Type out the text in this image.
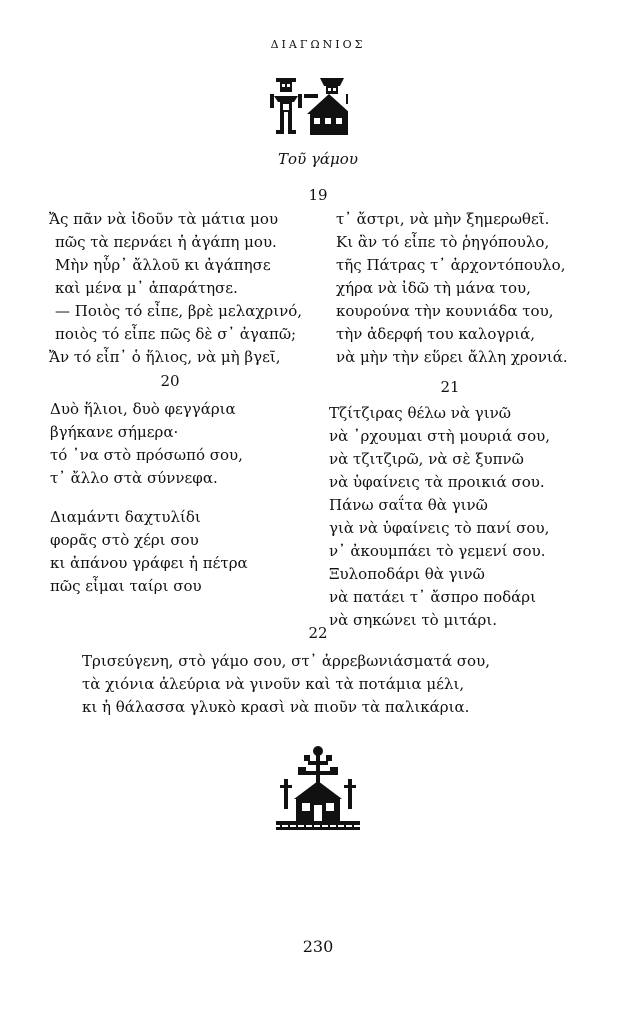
ΔΙΑΓΩΝΙΟΣ
Τοῦ γάμου
19
Ἄς πᾶν νὰ ἰδοῦν τὰ μάτια μου
πῶς τὰ περνάει ἡ ἀγάπη μου.
Μὴν ηὗρ᾽ ἄλλοῦ κι ἀγάπησε
καὶ μένα μ᾽ ἀπαράτησε.
— Ποιὸς τό εἶπε, βρὲ μελαχρινό,
ποιὸς τό εἶπε πῶς δὲ σ᾽ ἀγαπῶ;
Ἄν τό εἶπ᾽ ὁ ἥλιος, νὰ μὴ βγεῖ,
τ᾽ ἄστρι, νὰ μὴν ξημερωθεῖ.
Κι ἂν τό εἶπε τὸ ῥηγόπουλο,
τῆς Πάτρας τ᾽ ἀρχοντόπουλο,
χήρα νὰ ἰδῶ τὴ μάνα του,
κουρούνα τὴν κουνιάδα του,
τὴν ἀδερφή του καλογριά,
νὰ μὴν τὴν εὕρει ἄλλη χρονιά.
20
Δυὸ ἥλιοι, δυὸ φεγγάρια
βγήκανε σήμερα·
τό ᾽να στὸ πρόσωπό σου,
τ᾽ ἄλλο στὰ σύννεφα.
Διαμάντι δαχτυλίδι
φορᾶς στὸ χέρι σου
κι ἀπάνου γράφει ἡ πέτρα
πῶς εἶμαι ταίρι σου
21
Τζίτζιρας θέλω νὰ γινῶ
νὰ ᾽ρχουμαι στὴ μουριά σου,
νὰ τζιτζιρῶ, νὰ σὲ ξυπνῶ
νὰ ὑφαίνεις τὰ προικιά σου.
Πάνω σαΐτα θὰ γινῶ
γιὰ νὰ ὑφαίνεις τὸ πανί σου,
ν᾽ ἀκουμπάει τὸ γεμενί σου.
Ξυλοποδάρι θὰ γινῶ
νὰ πατάει τ᾽ ἄσπρο ποδάρι
νὰ σηκώνει τὸ μιτάρι.
22
Τρισεύγενη, στὸ γάμο σου, στ᾽ ἀρρεβωνιάσματά σου,
τὰ χιόνια ἀλεύρια νὰ γινοῦν καὶ τὰ ποτάμια μέλι,
κι ἡ θάλασσα γλυκὸ κρασὶ νὰ πιοῦν τὰ παλικάρια.
230
